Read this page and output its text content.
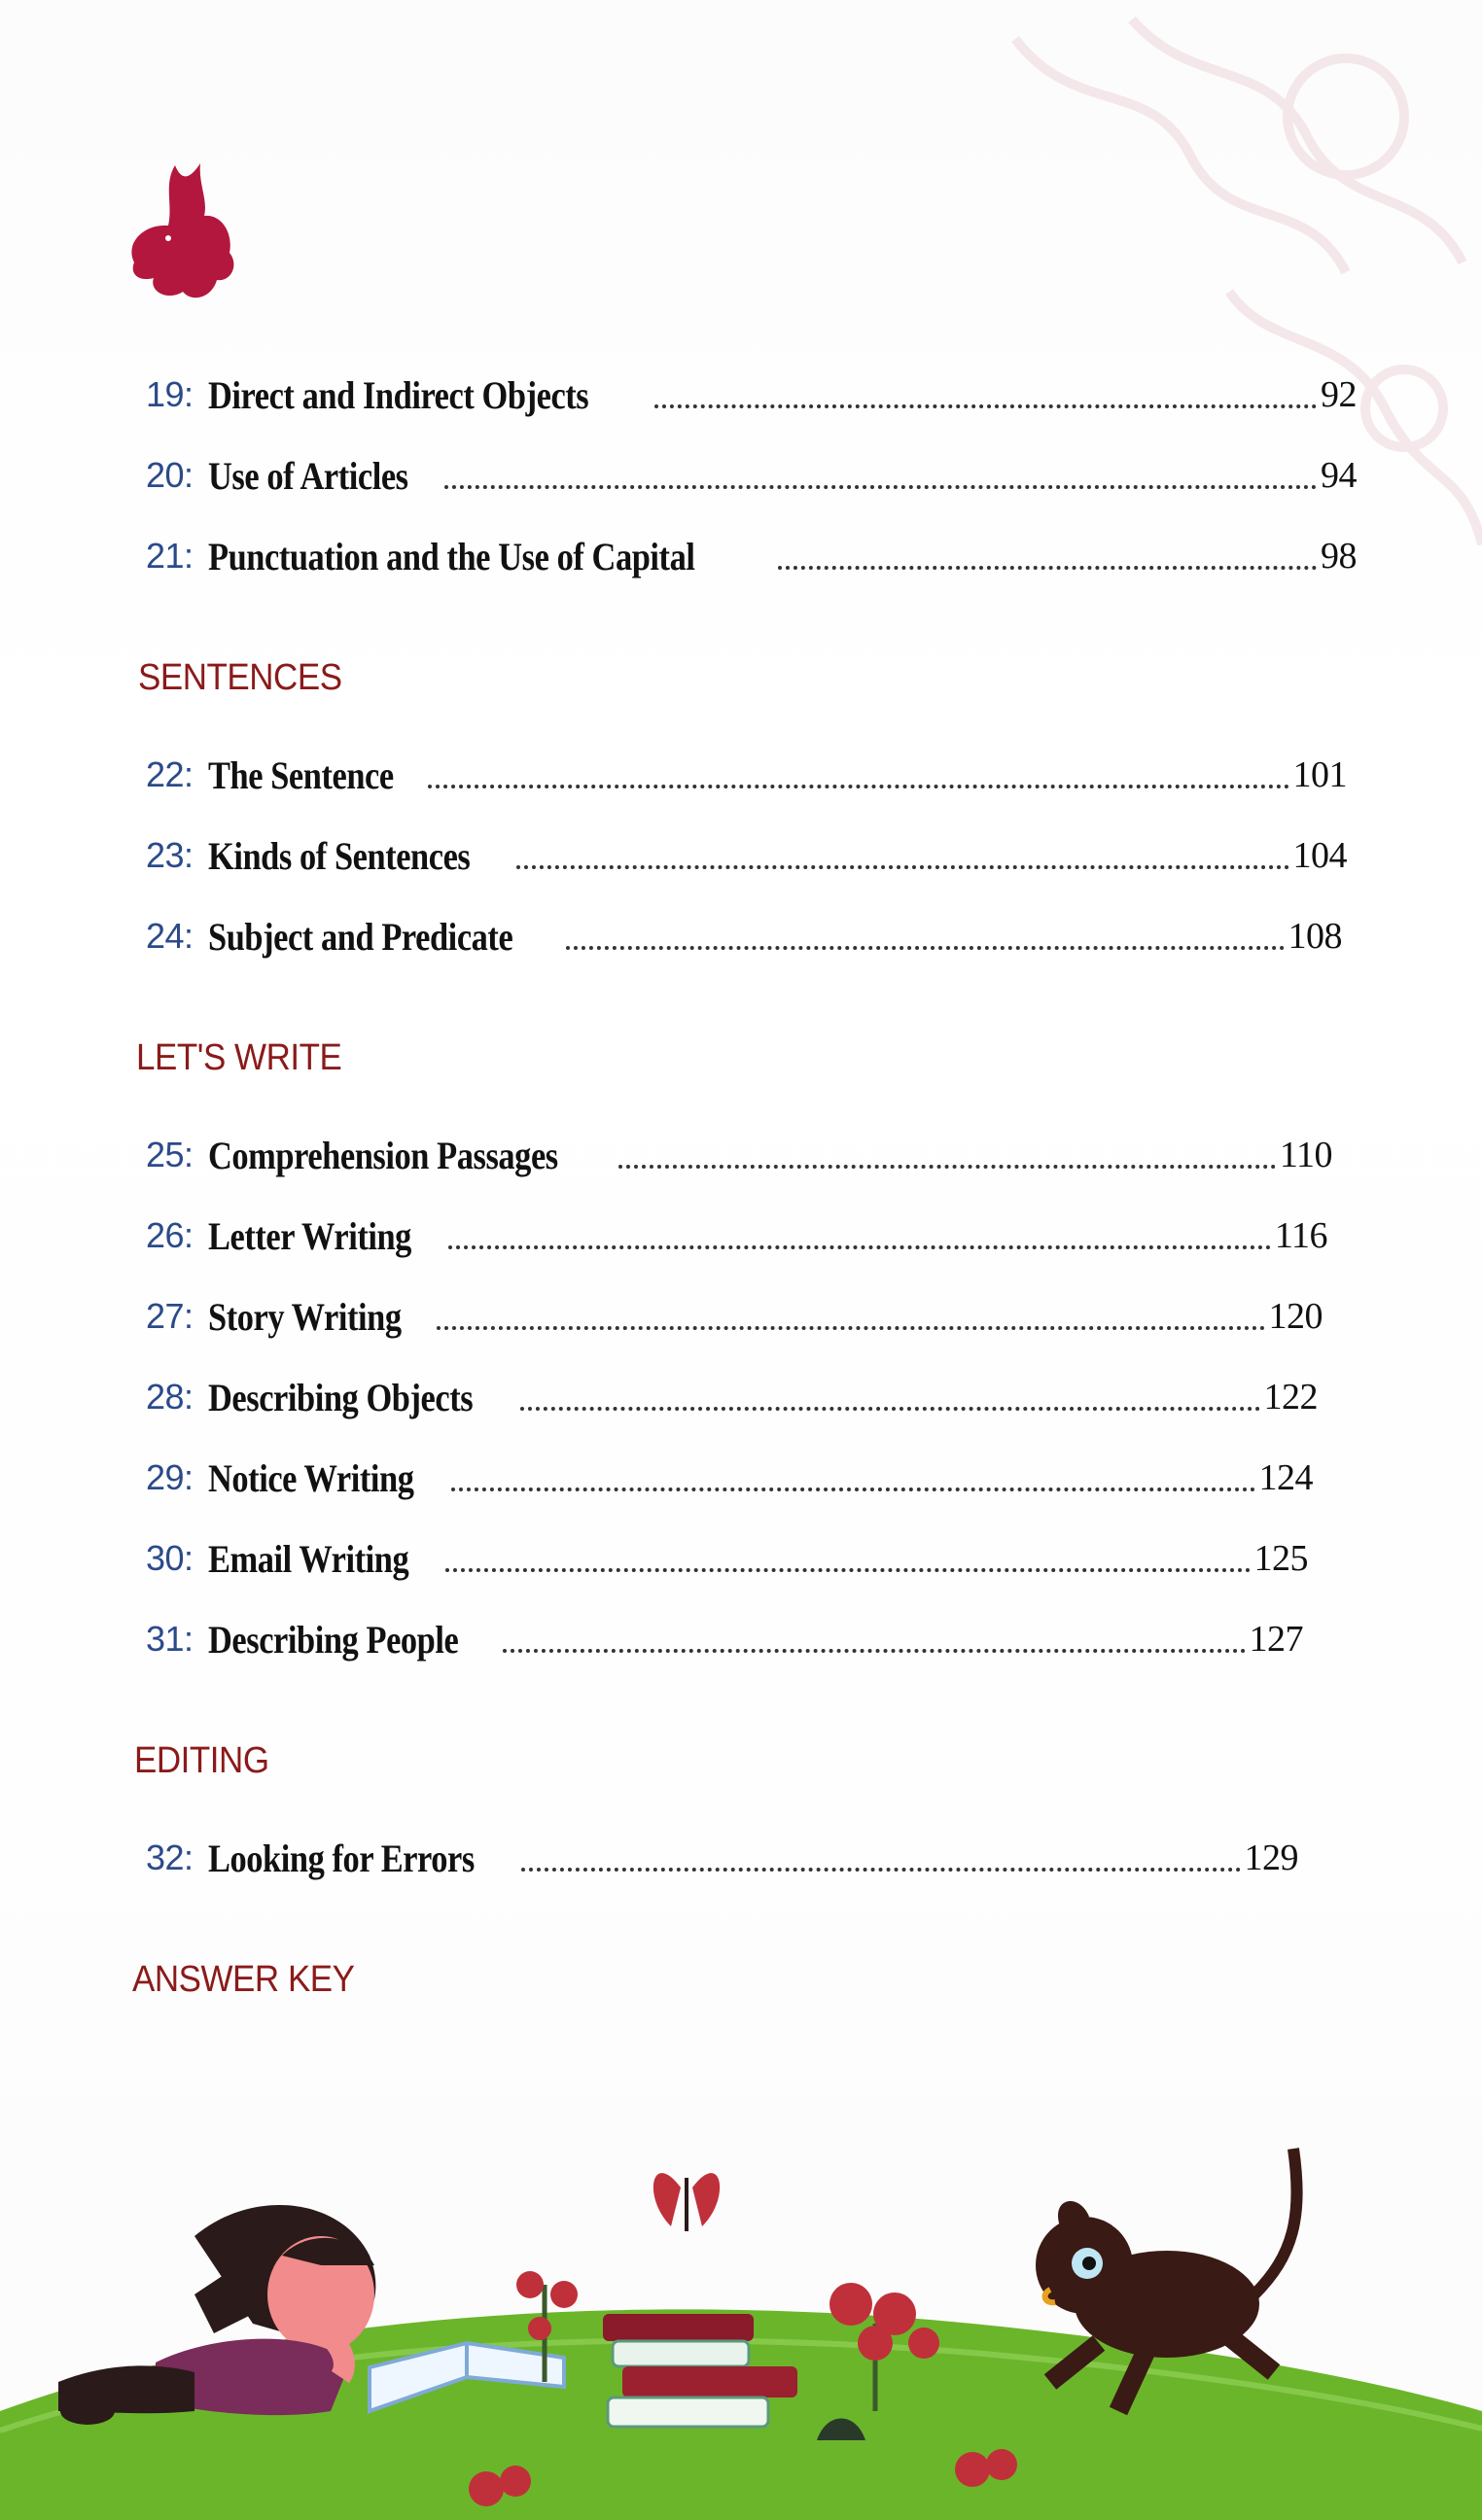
19: Direct and Indirect Objects	92
20: Use of Articles	94
21: Punctuation and the Use of Capital	98
SENTENCES
22: The Sentence	101
23: Kinds of Sentences	104
24: Subject and Predicate	108
LET'S WRITE
25: Comprehension Passages	110
26: Letter Writing	116
27: Story Writing	120
28: Describing Objects	122
29: Notice Writing	124
30: Email Writing	125
31: Describing People	127
EDITING
32: Looking for Errors	129
ANSWER KEY
